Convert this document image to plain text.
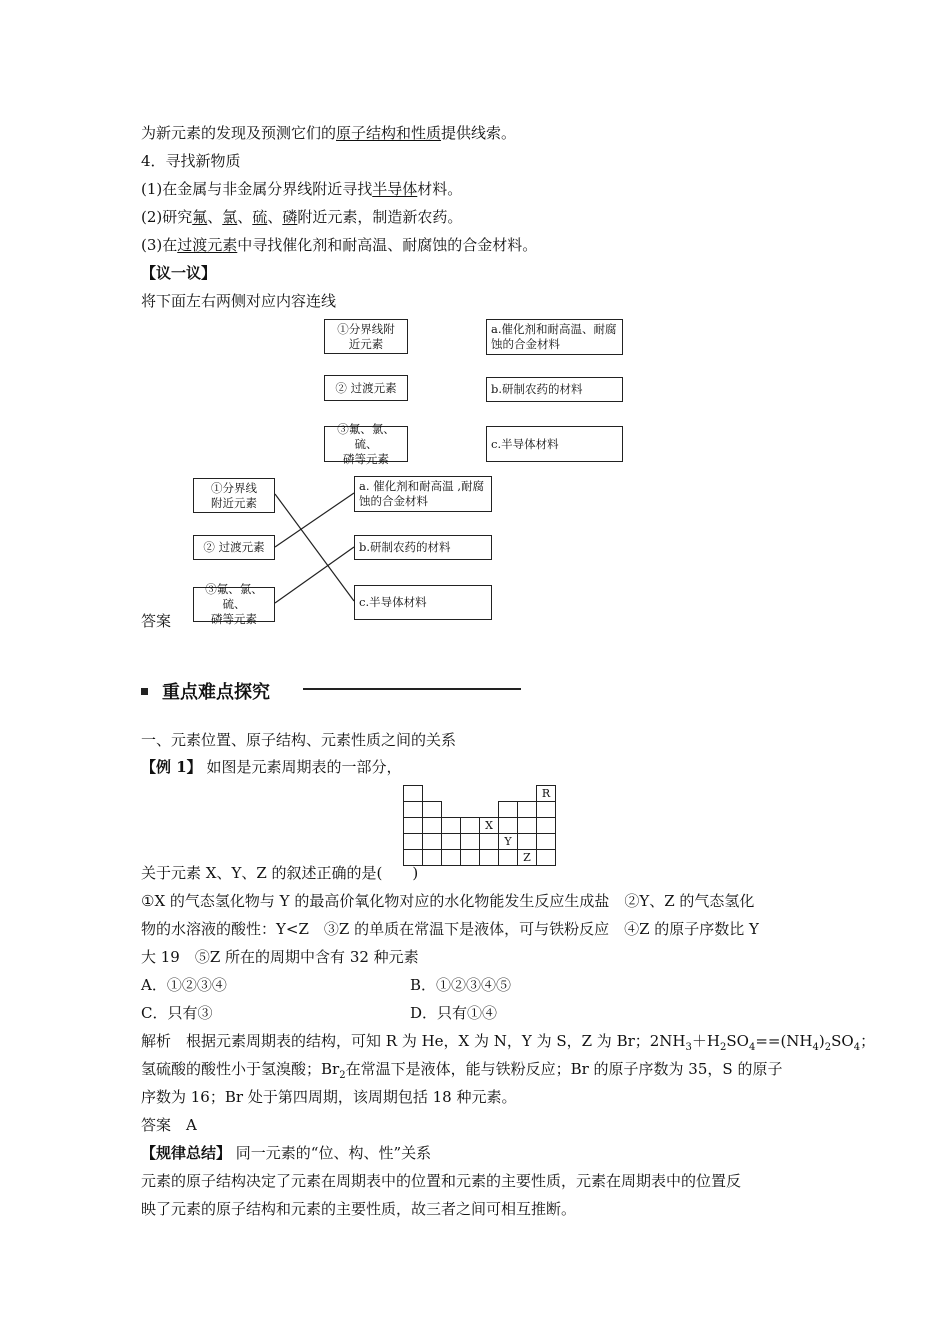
为新元素的发现及预测它们的原子结构和性质提供线索。
4．寻找新物质
(1)在金属与非金属分界线附近寻找半导体材料。
(2)研究氟、氯、硫、磷附近元素，制造新农药。
(3)在过渡元素中寻找催化剂和耐高温、耐腐蚀的合金材料。
【议一议】
将下面左右两侧对应内容连线
①分界线附
近元素
② 过渡元素
③氟、氯、硫、
磷等元素
a.催化剂和耐高温、耐腐
蚀的合金材料
b.研制农药的材料
c.半导体材料
①分界线
附近元素
② 过渡元素
③氟、氯、硫、
磷等元素
a. 催化剂和耐高温 ,耐腐
蚀的合金材料
b.研制农药的材料
c.半导体材料
答案
重点难点探究
一、元素位置、原子结构、元素性质之间的关系
【例 1】 如图是元素周期表的一部分，
							R

				X			
					Y		
						Z	
关于元素 X、Y、Z 的叙述正确的是(　　)
①X 的气态氢化物与 Y 的最高价氧化物对应的水化物能发生反应生成盐　②Y、Z 的气态氢化
物的水溶液的酸性：Y<Z　③Z 的单质在常温下是液体，可与铁粉反应　④Z 的原子序数比 Y
大 19　⑤Z 所在的周期中含有 32 种元素
A．①②③④	B．①②③④⑤
C．只有③	D．只有①④
解析　根据元素周期表的结构，可知 R 为 He，X 为 N，Y 为 S，Z 为 Br；$2NH_3+H_2SO_4==(NH_4)_2SO_4$；
氢硫酸的酸性小于氢溴酸；$Br_2$在常温下是液体，能与铁粉反应；Br 的原子序数为 35，S 的原子
序数为 16；Br 处于第四周期，该周期包括 18 种元素。
答案　A
【规律总结】 同一元素的“位、构、性”关系
元素的原子结构决定了元素在周期表中的位置和元素的主要性质，元素在周期表中的位置反
映了元素的原子结构和元素的主要性质，故三者之间可相互推断。
